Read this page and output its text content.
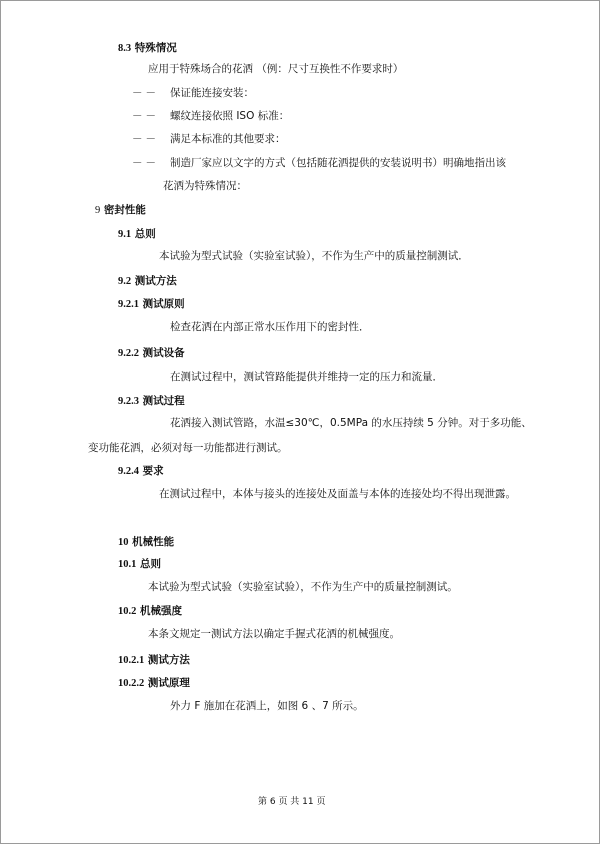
8.3 特殊情况
应用于特殊场合的花洒 （例：尺寸互换性不作要求时）
－－ 保证能连接安装：
－－ 螺纹连接依照 ISO 标准：
－－ 满足本标准的其他要求：
－－ 制造厂家应以文字的方式（包括随花洒提供的安装说明书）明确地指出该
花洒为特殊情况：
9 密封性能
9.1 总则
本试验为型式试验（实验室试验），不作为生产中的质量控制测试．
9.2 测试方法
9.2.1 测试原则
检查花洒在内部正常水压作用下的密封性．
9.2.2 测试设备
在测试过程中，测试管路能提供并维持一定的压力和流量．
9.2.3 测试过程
花洒接入测试管路，水温≤30℃，0.5MPa 的水压持续 5 分钟。对于多功能、
变功能花洒，必须对每一功能都进行测试。
9.2.4 要求
在测试过程中，本体与接头的连接处及面盖与本体的连接处均不得出现泄露。
10 机械性能
10.1 总则
本试验为型式试验（实验室试验），不作为生产中的质量控制测试。
10.2 机械强度
本条文规定一测试方法以确定手握式花洒的机械强度。
10.2.1 测试方法
10.2.2 测试原理
外力 F 施加在花洒上，如图 6 、7 所示。
第 6 页 共 11 页
